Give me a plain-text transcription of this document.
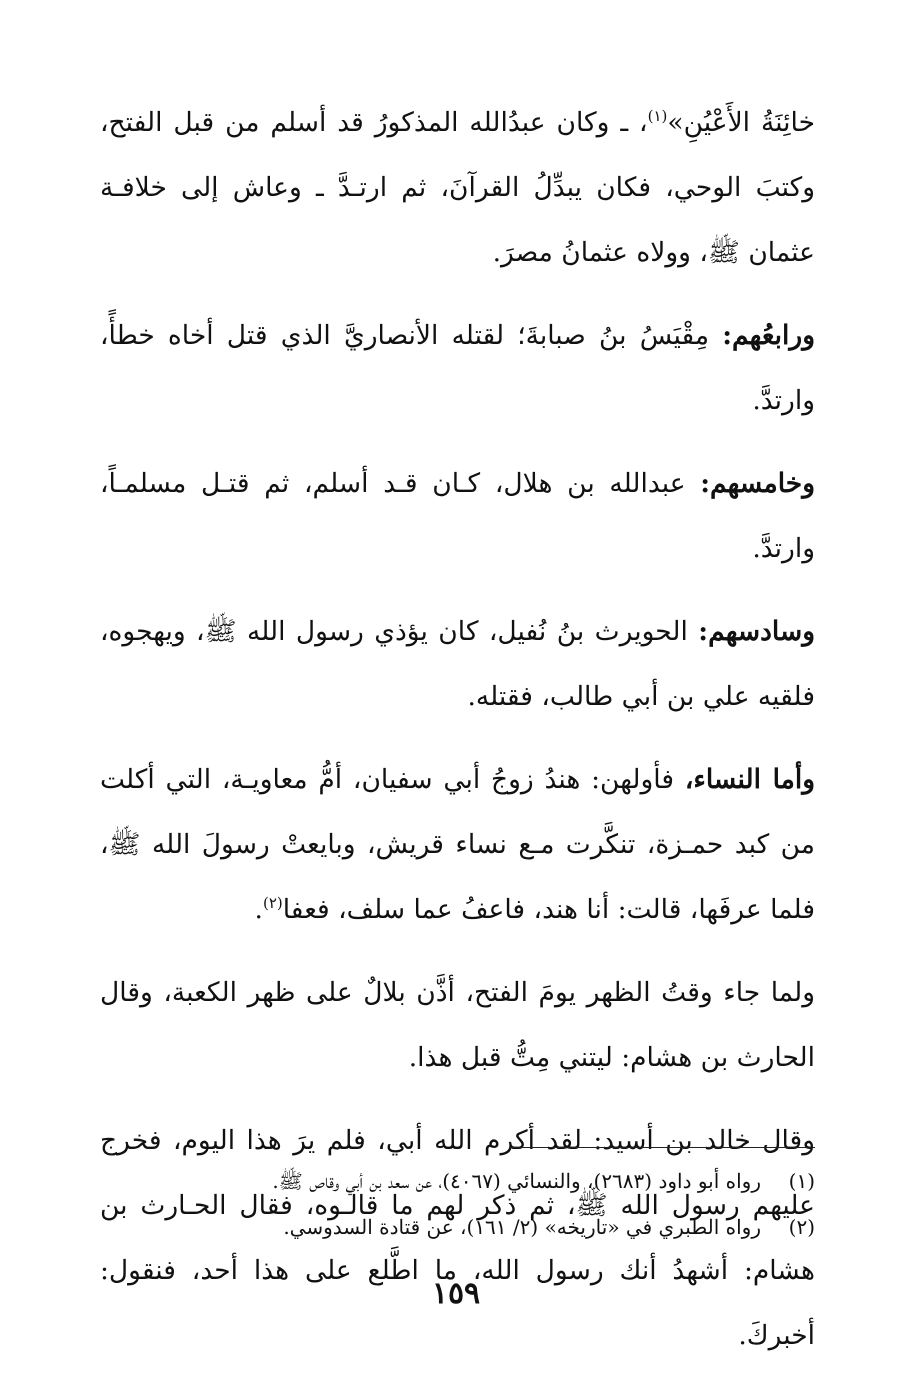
خائِنَةُ الأَعْيُنِ»$^{(١)}$، ـ وكان عبدُالله المذكورُ قد أسلم من قبل الفتح، وكتبَ الوحي، فكان يبدِّلُ القرآنَ، ثم ارتـدَّ ـ وعاش إلى خلافـة عثمان ﷺ، وولاه عثمانُ مصرَ.

ورابعُهم: مِقْيَسُ بنُ صبابةَ؛ لقتله الأنصاريَّ الذي قتل أخاه خطأً، وارتدَّ.

وخامسهم: عبدالله بن هلال، كـان قـد أسلم، ثم قتـل مسلمـاً، وارتدَّ.

وسادسهم: الحويرث بنُ نُفيل، كان يؤذي رسول الله ﷺ، ويهجوه، فلقيه علي بن أبي طالب، فقتله.

وأما النساء، فأولهن: هندُ زوجُ أبي سفيان، أمُّ معاويـة، التي أكلت من كبد حمـزة، تنكَّرت مـع نساء قريش، وبايعتْ رسولَ الله ﷺ، فلما عرفَها، قالت: أنا هند، فاعفُ عما سلف، فعفا$^{(٢)}$.

ولما جاء وقتُ الظهر يومَ الفتح، أذَّن بلالٌ على ظهر الكعبة، وقال الحارث بن هشام: ليتني مِتُّ قبل هذا.

وقال خالد بن أسيد: لقد أكرم الله أبي، فلم يرَ هذا اليوم، فخرج عليهم رسول الله ﷺ، ثم ذكر لهم ما قالـوه، فقال الحـارث بن هشام: أشهدُ أنك رسول الله، ما اطَّلع على هذا أحد، فنقول: أخبركَ.

(١)رواه أبو داود (٢٦٨٣)، والنسائي (٤٠٦٧)، عن سعد بن أبي وقاص ﷺ.

(٢)رواه الطبري في «تاريخه» (٢/ ١٦١)، عن قتادة السدوسي.

١٥٩
